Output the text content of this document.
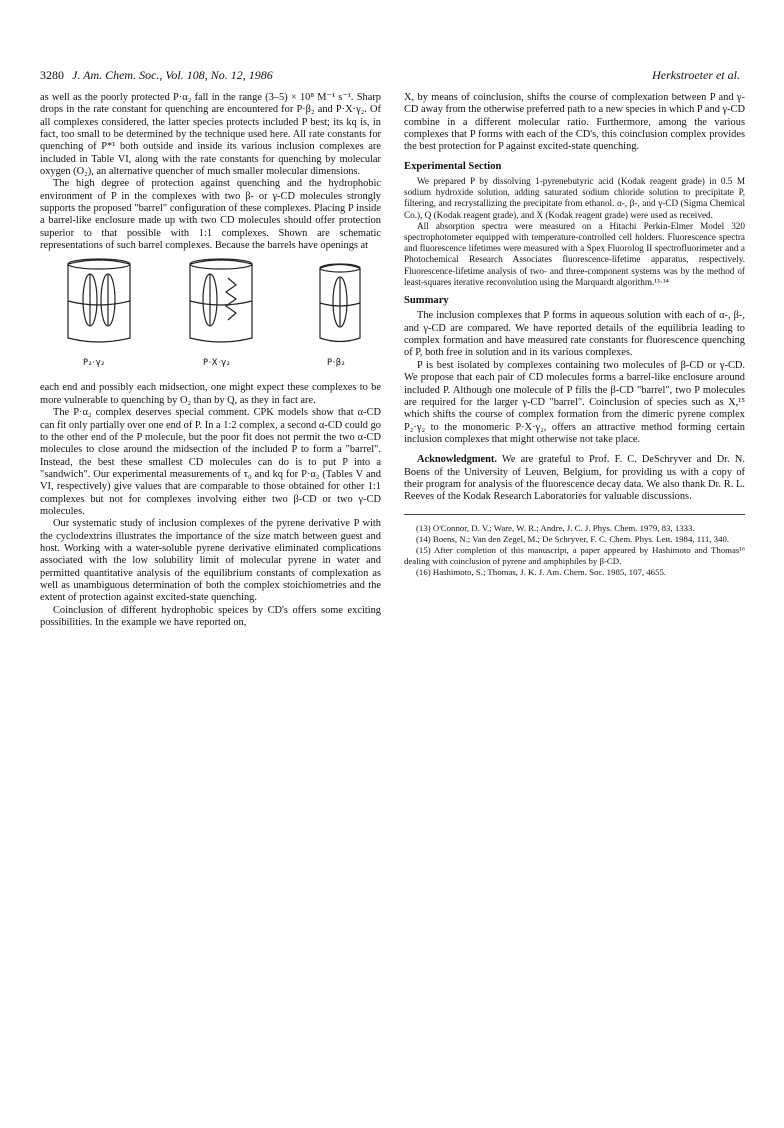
3280 J. Am. Chem. Soc., Vol. 108, No. 12, 1986	Herkstroeter et al.

as well as the poorly protected P·α₂ fall in the range (3–5) × 10⁸ M⁻¹ s⁻¹. Sharp drops in the rate constant for quenching are encountered for P·β₂ and P·X·γ₂. Of all complexes considered, the latter species protects included P best; its kq is, in fact, too small to be determined by the technique used here. All rate constants for quenching of P*¹ both outside and inside its various inclusion complexes are included in Table VI, along with the rate constants for quenching by molecular oxygen (O₂), an alternative quencher of much smaller molecular dimensions.

The high degree of protection against quenching and the hydrophobic environment of P in the complexes with two β- or γ-CD molecules strongly supports the proposed "barrel" configuration of these complexes. Placing P inside a barrel-like enclosure made up with two CD molecules should offer protection superior to that possible with 1:1 complexes. Shown are schematic representations of such barrel complexes. Because the barrels have openings at

P₂·γ₂	P·X·γ₂	P·β₂

each end and possibly each midsection, one might expect these complexes to be more vulnerable to quenching by O₂ than by Q, as they in fact are.

The P·α₂ complex deserves special comment. CPK models show that α-CD can fit only partially over one end of P. In a 1:2 complex, a second α-CD could go to the other end of the P molecule, but the poor fit does not permit the two α-CD molecules to close around the midsection of the included P to form a "barrel". Instead, the best these smallest CD molecules can do is to put P into a "sandwich". Our experimental measurements of τ₀ and kq for P·α₂ (Tables V and VI, respectively) give values that are comparable to those obtained for other 1:1 complexes but not for complexes involving either two β-CD or two γ-CD molecules.

Our systematic study of inclusion complexes of the pyrene derivative P with the cyclodextrins illustrates the importance of the size match between guest and host. Working with a water-soluble pyrene derivative eliminated complications associated with the low solubility limit of molecular pyrene in water and permitted quantitative analysis of the equilibrium constants of complexation as well as unambiguous determination of both the complex stoichiometries and the extent of protection against excited-state quenching.

Coinclusion of different hydrophobic speices by CD's offers some exciting possibilities. In the example we have reported on,

X, by means of coinclusion, shifts the course of complexation between P and γ-CD away from the otherwise preferred path to a new species in which P and γ-CD combine in a different molecular ratio. Furthermore, among the various complexes that P forms with each of the CD's, this coinclusion complex provides the best protection for P against excited-state quenching.

Experimental Section

We prepared P by dissolving 1-pyrenebutyric acid (Kodak reagent grade) in 0.5 M sodium hydroxide solution, adding saturated sodium chloride solution to precipitate P, filtering, and recrystallizing the precipitate from ethanol. α-, β-, and γ-CD (Sigma Chemical Co.), Q (Kodak reagent grade), and X (Kodak reagent grade) were used as received.

All absorption spectra were measured on a Hitachi Perkin-Elmer Model 320 spectrophotometer equipped with temperature-controlled cell holders. Fluorescence spectra and fluorescence lifetimes were measured with a Spex Fluorolog II spectrofluorimeter and a Photochemical Research Associates fluorescence-lifetime apparatus, respectively. Fluorescence-lifetime analysis of two- and three-component systems was by the method of least-squares iterative reconvolution using the Marquardt algorithm.¹³·¹⁴

Summary

The inclusion complexes that P forms in aqueous solution with each of α-, β-, and γ-CD are compared. We have reported details of the equilibria leading to complex formation and have measured rate constants for fluorescence quenching of P, both free in solution and in its various complexes.

P is best isolated by complexes containing two molecules of β-CD or γ-CD. We propose that each pair of CD molecules forms a barrel-like enclosure around included P. Although one molecule of P fills the β-CD "barrel", two P molecules are required for the larger γ-CD "barrel". Coinclusion of species such as X,¹⁵ which shifts the course of complex formation from the dimeric pyrene complex P₂·γ₂ to the monomeric P·X·γ₂, offers an attractive method forming certain inclusion complexes that might otherwise not take place.

Acknowledgment. We are grateful to Prof. F. C. DeSchryver and Dr. N. Boens of the University of Leuven, Belgium, for providing us with a copy of their program for analysis of the fluorescence decay data. We also thank Dr. R. L. Reeves of the Kodak Research Laboratories for valuable discussions.

(13) O'Connor, D. V.; Ware, W. R.; Andre, J. C. J. Phys. Chem. 1979, 83, 1333.
(14) Boens, N.; Van den Zegel, M.; De Schryver, F. C. Chem. Phys. Lett. 1984, 111, 340.
(15) After completion of this manuscript, a paper appeared by Hashimoto and Thomas¹⁶ dealing with coinclusion of pyrene and amphiphiles by β-CD.
(16) Hashimoto, S.; Thomas, J. K. J. Am. Chem. Soc. 1985, 107, 4655.
